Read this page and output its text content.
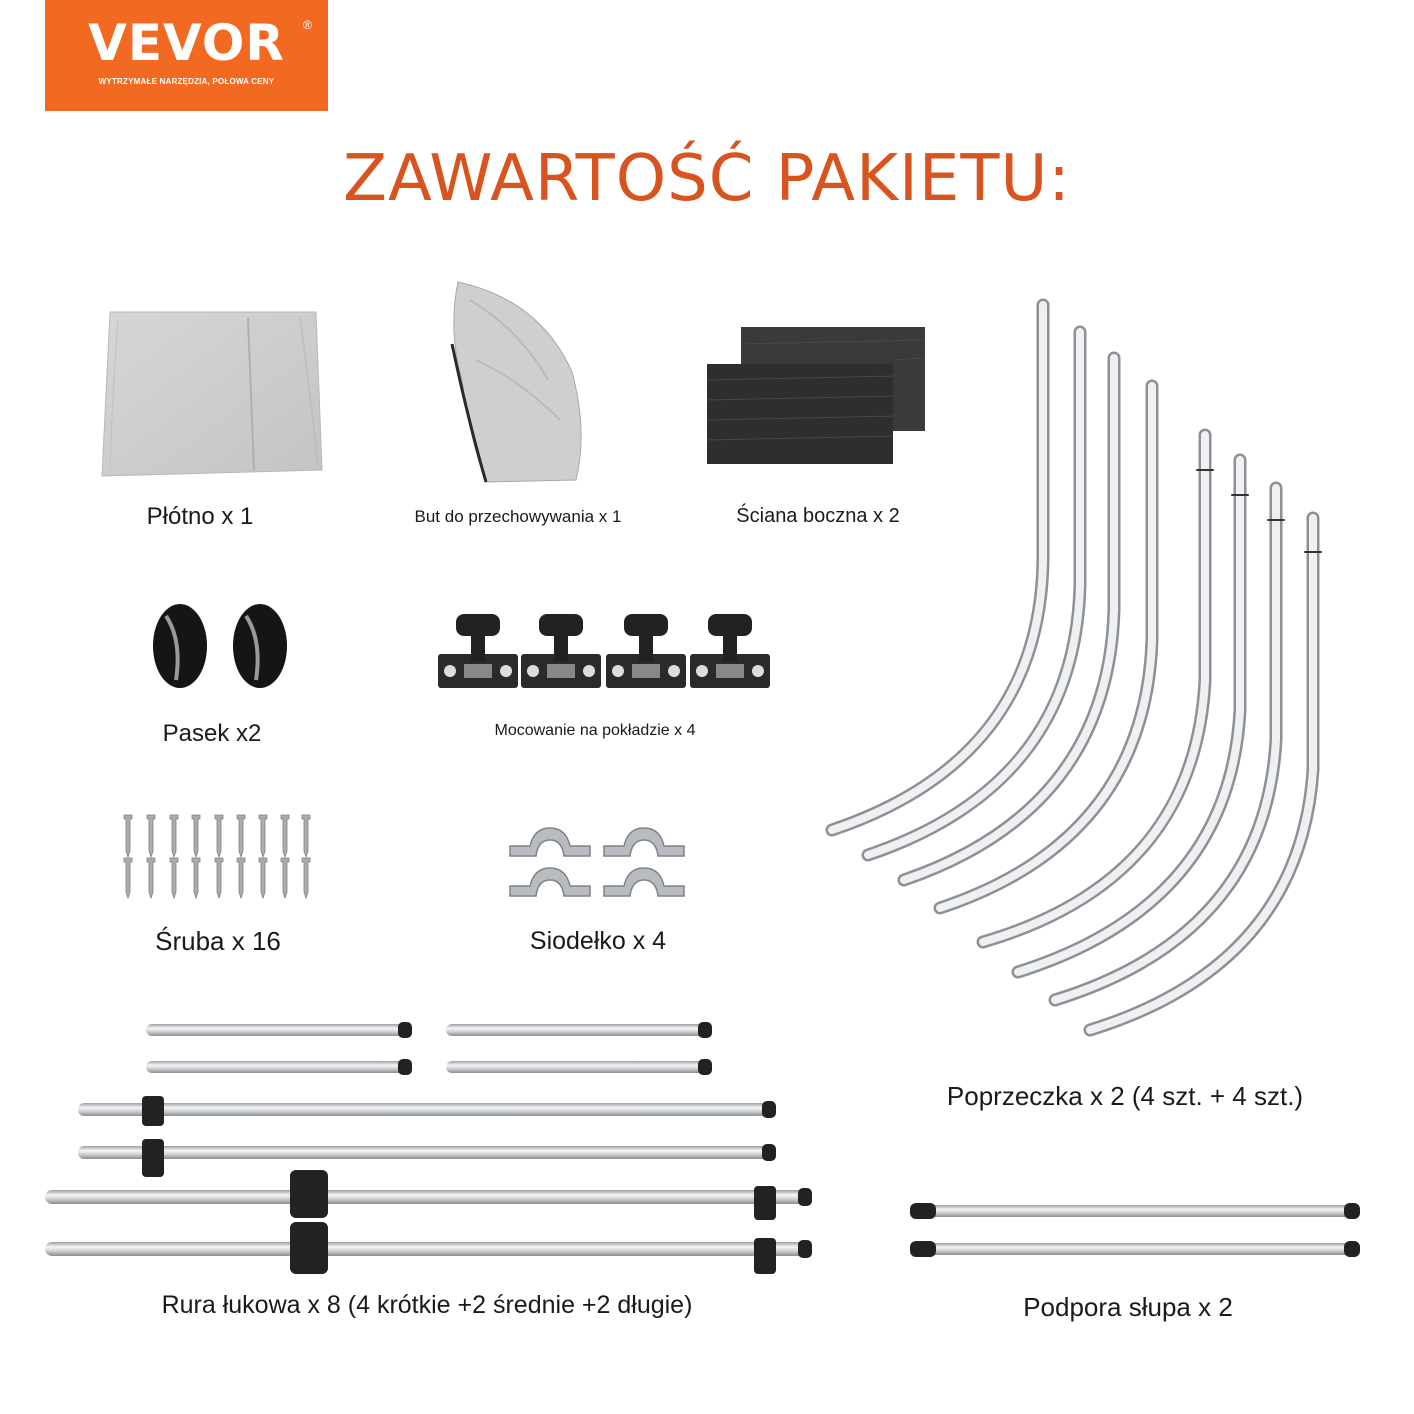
VEVOR	®
WYTRZYMAŁE NARZĘDZIA, POŁOWA CENY
ZAWARTOŚĆ PAKIETU:
Płótno x 1	But do przechowywania x 1	Ściana boczna x 2
Pasek x2	Mocowanie na pokładzie x 4
Śruba x 16	Siodełko x 4
Poprzeczka x 2 (4 szt. + 4 szt.)
Rura łukowa x 8 (4 krótkie +2 średnie +2 długie)	Podpora słupa x 2
